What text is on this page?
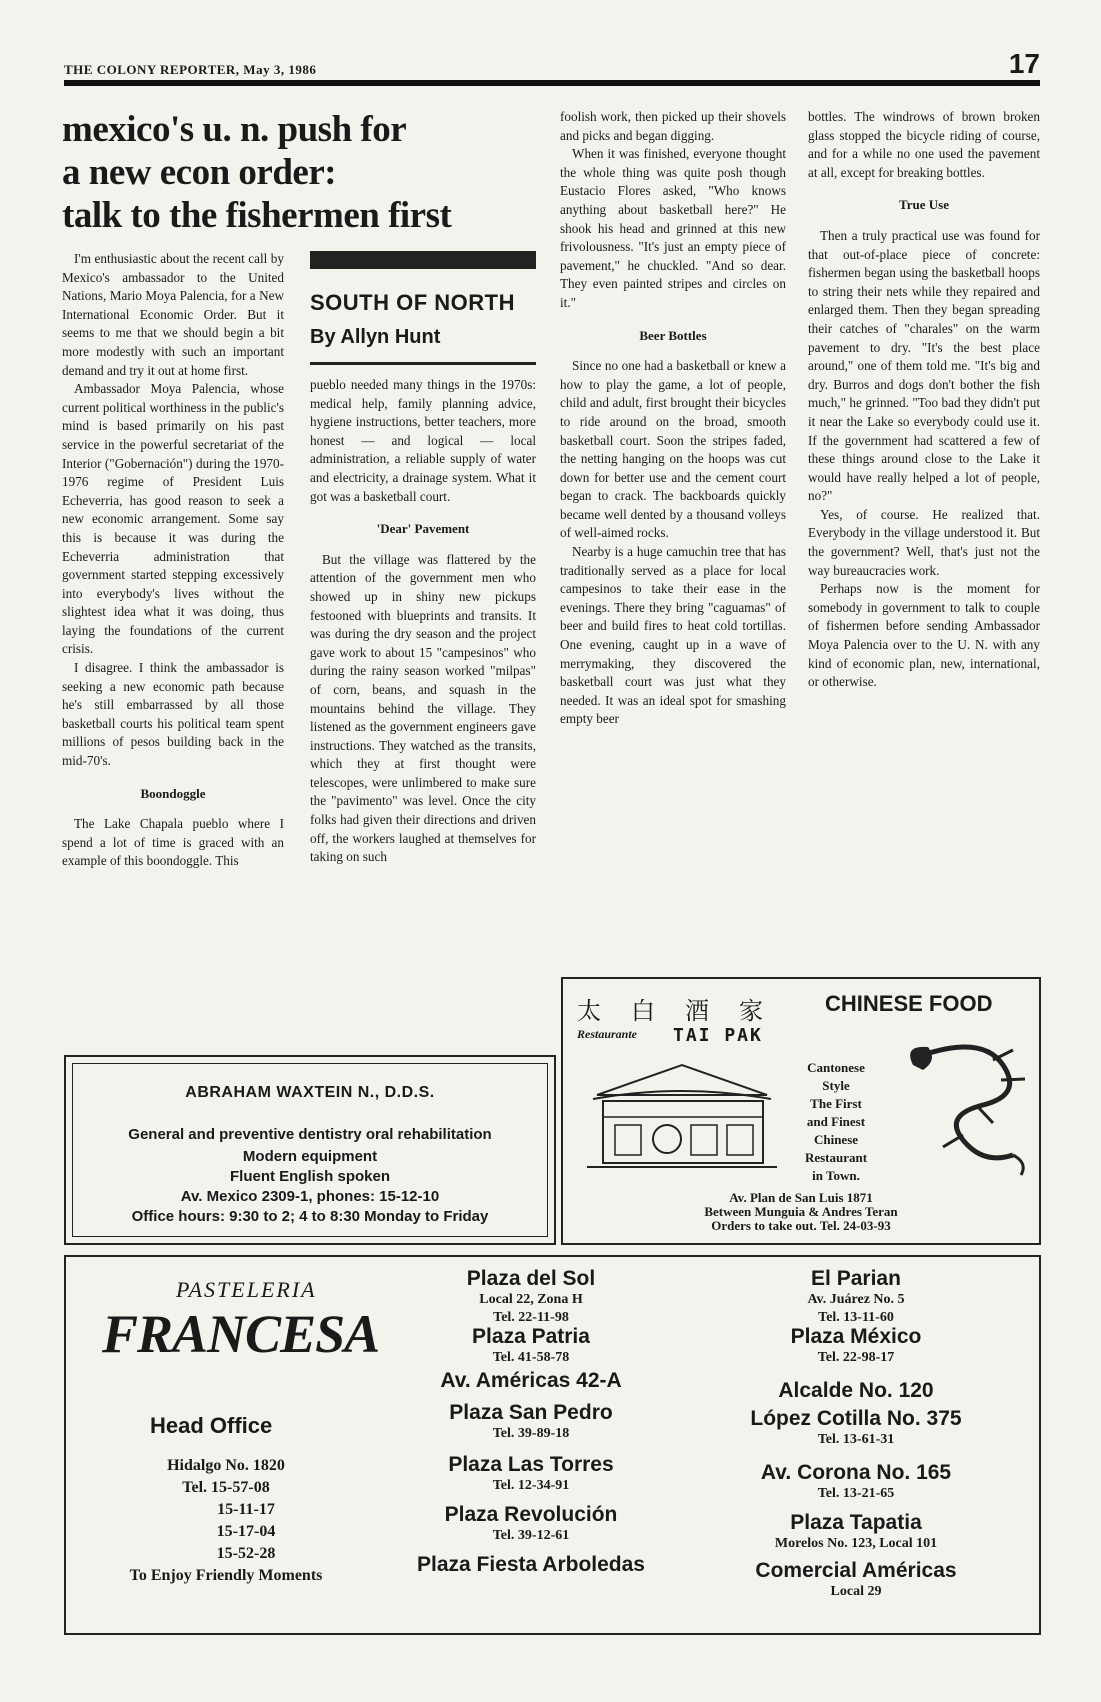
THE COLONY REPORTER, May 3, 1986	17
mexico's u. n. push for
a new econ order:
talk to the fishermen first
SOUTH OF NORTH
By Allyn Hunt

I'm enthusiastic about the recent call by Mexico's ambassador to the United Nations, Mario Moya Palencia, for a New International Economic Order. But it seems to me that we should begin a bit more modestly with such an important demand and try it out at home first.

Ambassador Moya Palencia, whose current political worthiness in the public's mind is based primarily on his past service in the powerful secretariat of the Interior ("Gobernación") during the 1970-1976 regime of President Luis Echeverria, has good reason to seek a new economic arrangement. Some say this is because it was during the Echeverria administration that government started stepping excessively into everybody's lives without the slightest idea what it was doing, thus laying the foundations of the current crisis.

I disagree. I think the ambassador is seeking a new economic path because he's still embarrassed by all those basketball courts his political team spent millions of pesos building back in the mid-70's.

Boondoggle

The Lake Chapala pueblo where I spend a lot of time is graced with an example of this boondoggle. This

pueblo needed many things in the 1970s: medical help, family planning advice, hygiene instructions, better teachers, more honest — and logical — local administration, a reliable supply of water and electricity, a drainage system. What it got was a basketball court.

'Dear' Pavement

But the village was flattered by the attention of the government men who showed up in shiny new pickups festooned with blueprints and transits. It was during the dry season and the project gave work to about 15 "campesinos" who during the rainy season worked "milpas" of corn, beans, and squash in the mountains behind the village. They listened as the government engineers gave instructions. They watched as the transits, which they at first thought were telescopes, were unlimbered to make sure the "pavimento" was level. Once the city folks had given their directions and driven off, the workers laughed at themselves for taking on such

foolish work, then picked up their shovels and picks and began digging.

When it was finished, everyone thought the whole thing was quite posh though Eustacio Flores asked, "Who knows anything about basketball here?" He shook his head and grinned at this new frivolousness. "It's just an empty piece of pavement," he chuckled. "And so dear. They even painted stripes and circles on it."

Beer Bottles

Since no one had a basketball or knew a how to play the game, a lot of people, child and adult, first brought their bicycles to ride around on the broad, smooth basketball court. Soon the stripes faded, the netting hanging on the hoops was cut down for better use and the cement court began to crack. The backboards quickly became well dented by a thousand volleys of well-aimed rocks.

Nearby is a huge camuchin tree that has traditionally served as a place for local campesinos to take their ease in the evenings. There they bring "caguamas" of beer and build fires to heat cold tortillas. One evening, caught up in a wave of merrymaking, they discovered the basketball court was just what they needed. It was an ideal spot for smashing empty beer

bottles. The windrows of brown broken glass stopped the bicycle riding of course, and for a while no one used the pavement at all, except for breaking bottles.

True Use

Then a truly practical use was found for that out-of-place piece of concrete: fishermen began using the basketball hoops to string their nets while they repaired and enlarged them. Then they began spreading their catches of "charales" on the warm pavement to dry. "It's the best place around," one of them told me. "It's big and dry. Burros and dogs don't bother the fish much," he grinned. "Too bad they didn't put it near the Lake so everybody could use it. If the government had scattered a few of these things around close to the Lake it would have really helped a lot of people, no?"

Yes, of course. He realized that. Everybody in the village understood it. But the government? Well, that's just not the way bureaucracies work.

Perhaps now is the moment for somebody in government to talk to couple of fishermen before sending Ambassador Moya Palencia over to the U. N. with any kind of economic plan, new, international, or otherwise.

ABRAHAM WAXTEIN N., D.D.S.
General and preventive dentistry oral rehabilitation
Modern equipment
Fluent English spoken
Av. Mexico 2309-1, phones: 15-12-10
Office hours: 9:30 to 2; 4 to 8:30 Monday to Friday
太白酒家
Restaurante TAI PAK
CHINESE FOOD
Cantonese
Style
The First
and Finest
Chinese
Restaurant
in Town.
Av. Plan de San Luis 1871
Between Munguia & Andres Teran
Orders to take out. Tel. 24-03-93
PASTELERIA
FRANCESA
Head Office
Hidalgo No. 1820
Tel. 15-57-08
15-11-17
15-17-04
15-52-28
To Enjoy Friendly Moments
Plaza del Sol
Local 22, Zona H
Tel. 22-11-98
Plaza Patria
Tel. 41-58-78
Av. Américas 42-A
Plaza San Pedro
Tel. 39-89-18
Plaza Las Torres
Tel. 12-34-91
Plaza Revolución
Tel. 39-12-61
Plaza Fiesta Arboledas
El Parian
Av. Juárez No. 5
Tel. 13-11-60
Plaza México
Tel. 22-98-17
Alcalde No. 120
López Cotilla No. 375
Tel. 13-61-31
Av. Corona No. 165
Tel. 13-21-65
Plaza Tapatia
Morelos No. 123, Local 101
Comercial Américas
Local 29
